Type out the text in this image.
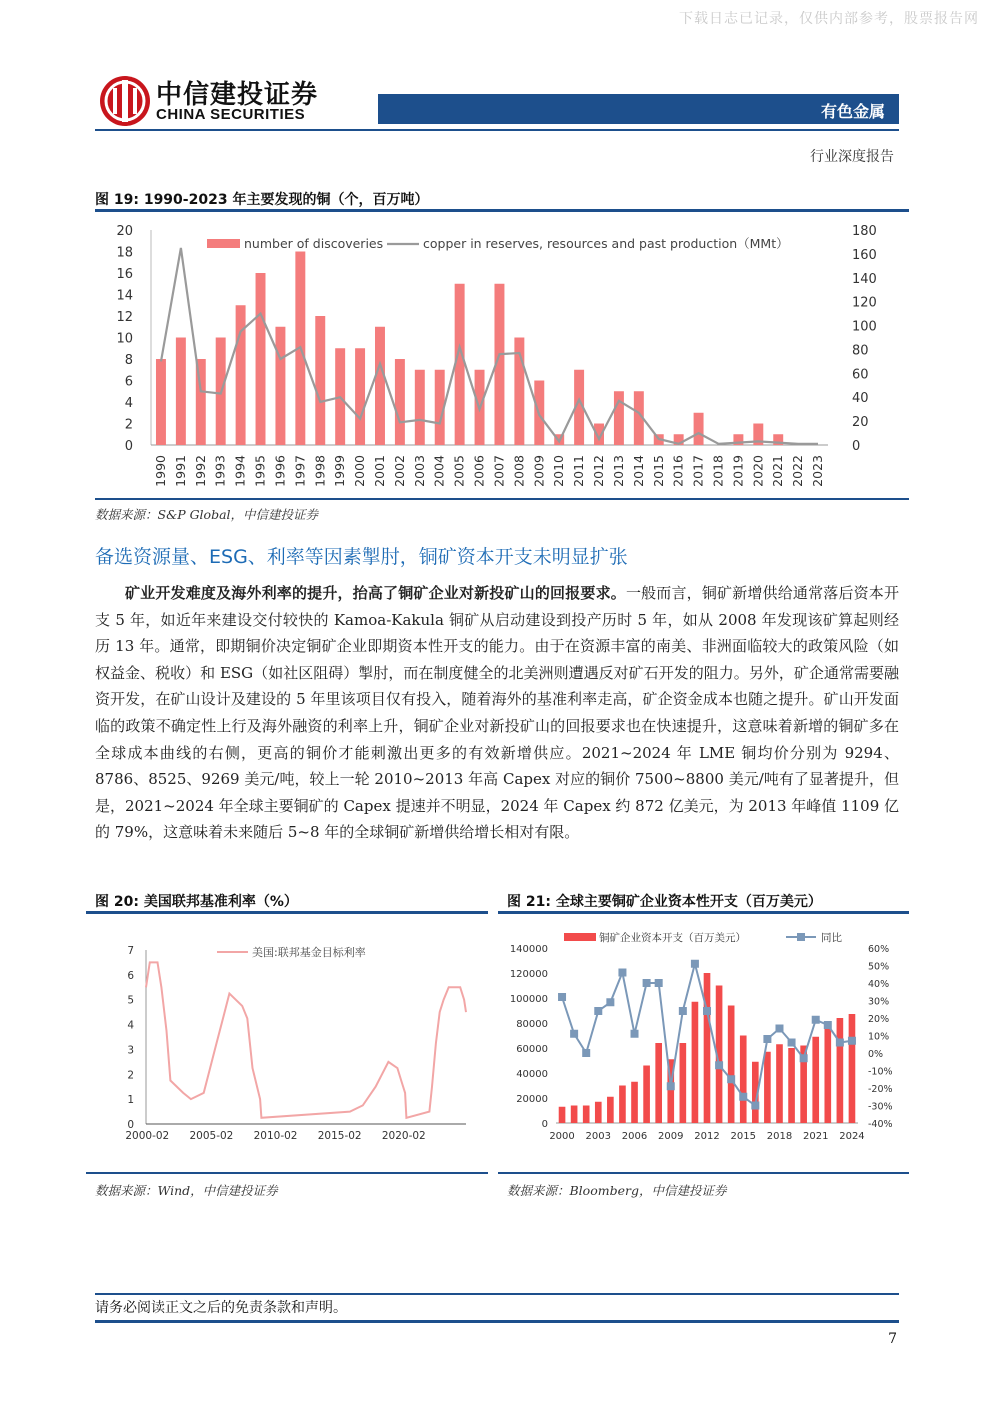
下载日志已记录，仅供内部参考，股票报告网
中信建投证券
CHINA SECURITIES	有色金属
行业深度报告
图 19: 1990-2023 年主要发现的铜（个，百万吨）
0
2
4
6
8
10
12
14
16
18
20
0
20
40
60
80
100
120
140
160
180
1990 1991 1992 1993 1994 1995 1996 1997 1998 1999 2000 2001 2002 2003 2004 2005 2006 2007 2008 2009 2010 2011 2012 2013 2014 2015 2016 2017 2018 2019 2020 2021 2022 2023
number of discoveries	copper in reserves, resources and past production（MMt）
数据来源：S&P Global，中信建投证券
备选资源量、ESG、利率等因素掣肘，铜矿资本开支未明显扩张
矿业开发难度及海外利率的提升，抬高了铜矿企业对新投矿山的回报要求。一般而言，铜矿新增供给通常落后资本开支 5 年，如近年来建设交付较快的 Kamoa-Kakula 铜矿从启动建设到投产历时 5 年，如从 2008 年发现该矿算起则经历 13 年。通常，即期铜价决定铜矿企业即期资本性开支的能力。由于在资源丰富的南美、非洲面临较大的政策风险（如权益金、税收）和 ESG（如社区阻碍）掣肘，而在制度健全的北美洲则遭遇反对矿石开发的阻力。另外，矿企通常需要融资开发，在矿山设计及建设的 5 年里该项目仅有投入，随着海外的基准利率走高，矿企资金成本也随之提升。矿山开发面临的政策不确定性上行及海外融资的利率上升，铜矿企业对新投矿山的回报要求也在快速提升，这意味着新增的铜矿多在全球成本曲线的右侧，更高的铜价才能刺激出更多的有效新增供应。2021~2024 年 LME 铜均价分别为 9294、8786、8525、9269 美元/吨，较上一轮 2010~2013 年高 Capex 对应的铜价 7500~8800 美元/吨有了显著提升，但是，2021~2024 年全球主要铜矿的 Capex 提速并不明显，2024 年 Capex 约 872 亿美元，为 2013 年峰值 1109 亿的 79%，这意味着未来随后 5~8 年的全球铜矿新增供给增长相对有限。
图 20: 美国联邦基准利率（%）
0
1
2
3
4
5
6
7
2000-02 2005-02 2010-02 2015-02 2020-02
美国:联邦基金目标利率
数据来源：Wind，中信建投证券
图 21: 全球主要铜矿企业资本性开支（百万美元）
0
20000
40000
60000
80000
100000
120000
140000
-40%
-30%
-20%
-10%
0%
10%
20%
30%
40%
50%
60%
2000 2003 2006 2009 2012 2015 2018 2021 2024
铜矿企业资本开支（百万美元）	同比
数据来源：Bloomberg，中信建投证券
请务必阅读正文之后的免责条款和声明。
7
